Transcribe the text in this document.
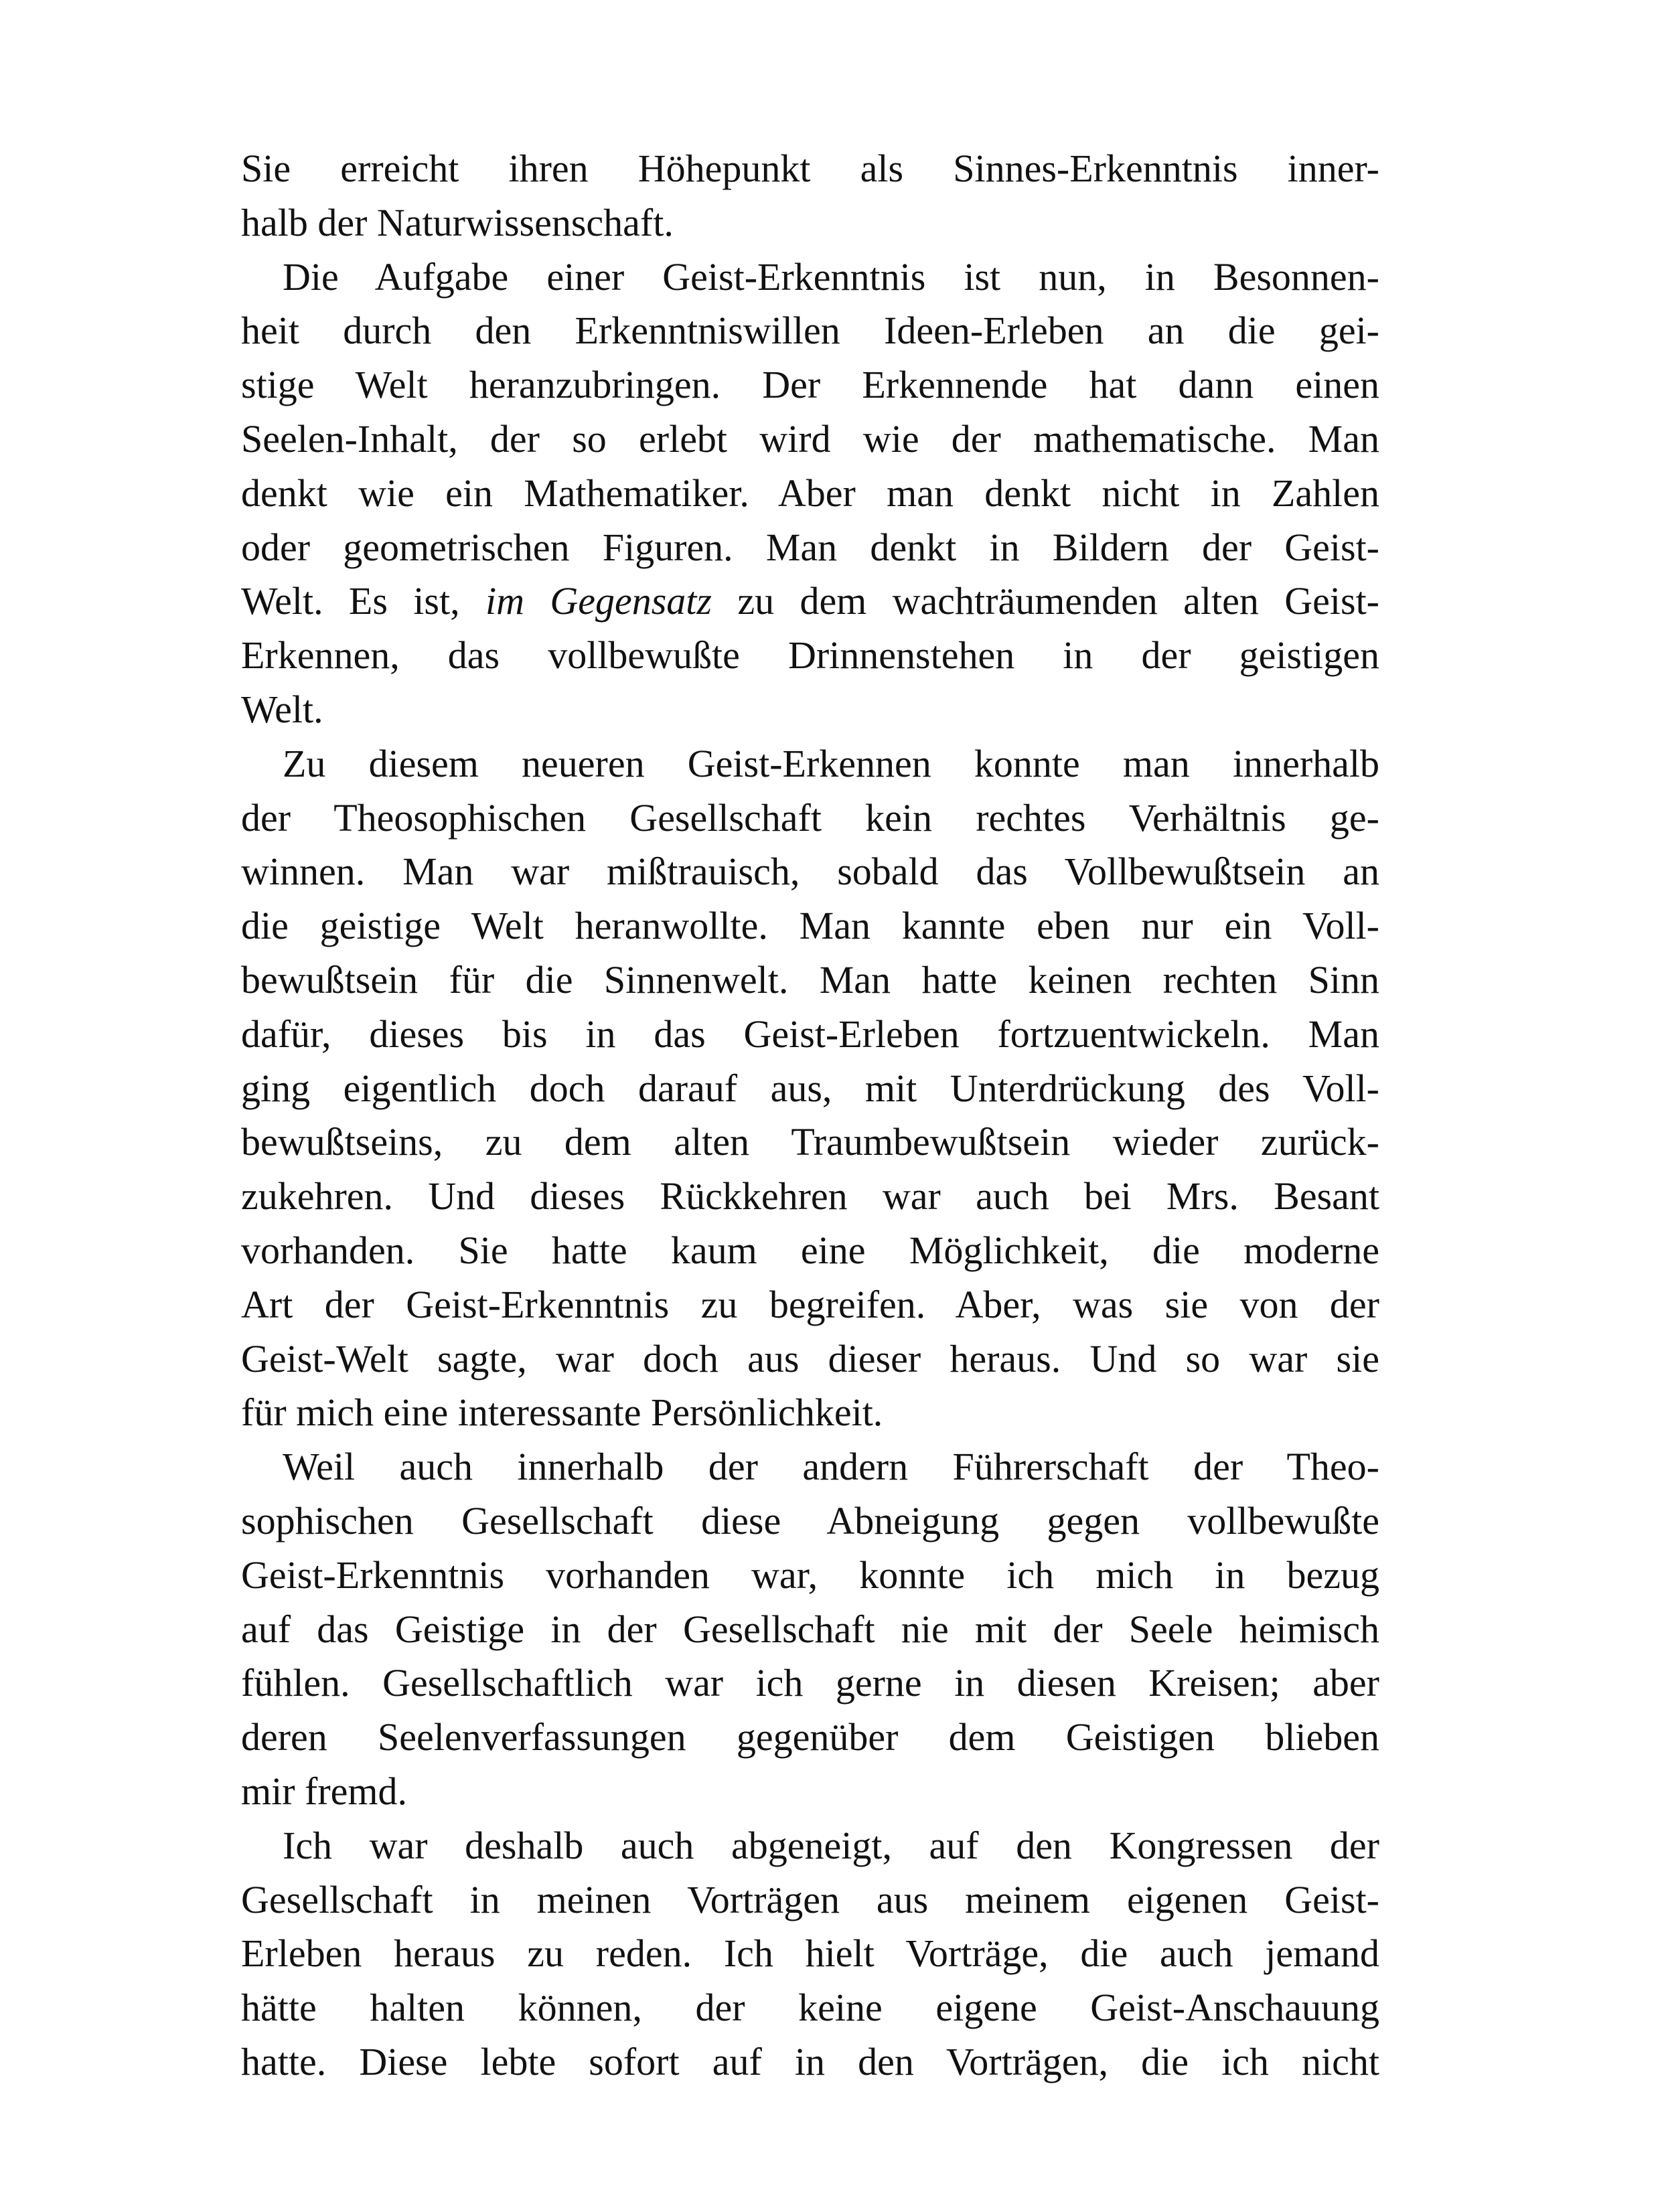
Sie erreicht ihren Höhepunkt als Sinnes-Erkenntnis inner-
halb der Naturwissenschaft.
Die Aufgabe einer Geist-Erkenntnis ist nun, in Besonnen-
heit durch den Erkenntniswillen Ideen-Erleben an die gei-
stige Welt heranzubringen. Der Erkennende hat dann einen
Seelen-Inhalt, der so erlebt wird wie der mathematische. Man
denkt wie ein Mathematiker. Aber man denkt nicht in Zahlen
oder geometrischen Figuren. Man denkt in Bildern der Geist-
Welt. Es ist, im Gegensatz zu dem wachträumenden alten Geist-
Erkennen, das vollbewußte Drinnenstehen in der geistigen
Welt.
Zu diesem neueren Geist-Erkennen konnte man innerhalb
der Theosophischen Gesellschaft kein rechtes Verhältnis ge-
winnen. Man war mißtrauisch, sobald das Vollbewußtsein an
die geistige Welt heranwollte. Man kannte eben nur ein Voll-
bewußtsein für die Sinnenwelt. Man hatte keinen rechten Sinn
dafür, dieses bis in das Geist-Erleben fortzuentwickeln. Man
ging eigentlich doch darauf aus, mit Unterdrückung des Voll-
bewußtseins, zu dem alten Traumbewußtsein wieder zurück-
zukehren. Und dieses Rückkehren war auch bei Mrs. Besant
vorhanden. Sie hatte kaum eine Möglichkeit, die moderne
Art der Geist-Erkenntnis zu begreifen. Aber, was sie von der
Geist-Welt sagte, war doch aus dieser heraus. Und so war sie
für mich eine interessante Persönlichkeit.
Weil auch innerhalb der andern Führerschaft der Theo-
sophischen Gesellschaft diese Abneigung gegen vollbewußte
Geist-Erkenntnis vorhanden war, konnte ich mich in bezug
auf das Geistige in der Gesellschaft nie mit der Seele heimisch
fühlen. Gesellschaftlich war ich gerne in diesen Kreisen; aber
deren Seelenverfassungen gegenüber dem Geistigen blieben
mir fremd.
Ich war deshalb auch abgeneigt, auf den Kongressen der
Gesellschaft in meinen Vorträgen aus meinem eigenen Geist-
Erleben heraus zu reden. Ich hielt Vorträge, die auch jemand
hätte halten können, der keine eigene Geist-Anschauung
hatte. Diese lebte sofort auf in den Vorträgen, die ich nicht
